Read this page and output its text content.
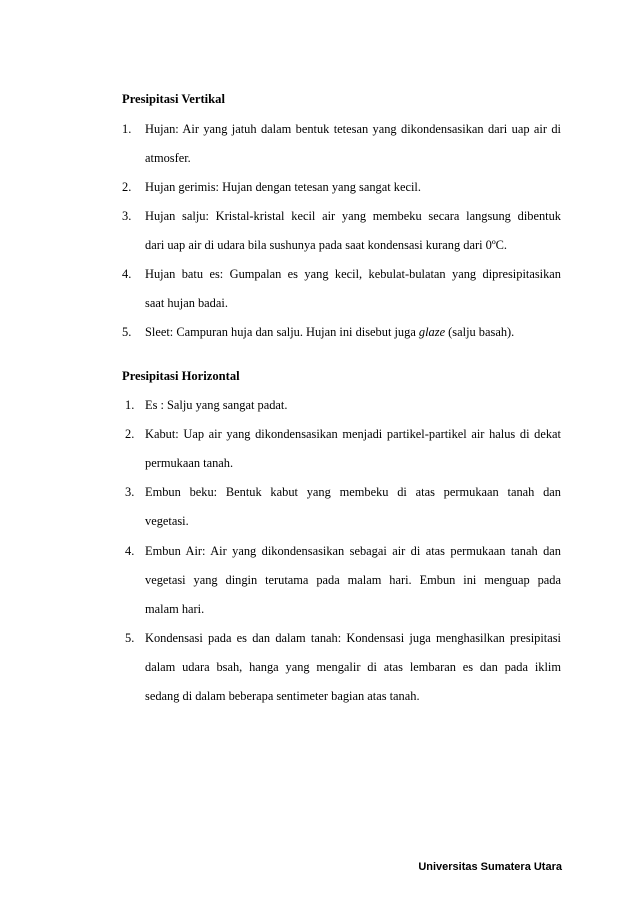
Presipitasi Vertikal
1. Hujan: Air yang jatuh dalam bentuk tetesan yang dikondensasikan dari uap air di
atmosfer.
2. Hujan gerimis: Hujan dengan tetesan yang sangat kecil.
3. Hujan salju: Kristal-kristal kecil air yang membeku secara langsung dibentuk
dari uap air di udara bila sushunya pada saat kondensasi kurang dari 0ºC.
4. Hujan batu es: Gumpalan es yang kecil, kebulat-bulatan yang dipresipitasikan
saat hujan badai.
5. Sleet: Campuran huja dan salju. Hujan ini disebut juga glaze (salju basah).
Presipitasi Horizontal
1. Es : Salju yang sangat padat.
2. Kabut: Uap air yang dikondensasikan menjadi partikel-partikel air halus di dekat
permukaan tanah.
3. Embun beku: Bentuk kabut yang membeku di atas permukaan tanah dan
vegetasi.
4. Embun Air: Air yang dikondensasikan sebagai air di atas permukaan tanah dan
vegetasi yang dingin terutama pada malam hari. Embun ini menguap pada
malam hari.
5. Kondensasi pada es dan dalam tanah: Kondensasi juga menghasilkan presipitasi
dalam udara bsah, hanga yang mengalir di atas lembaran es dan pada iklim
sedang di dalam beberapa sentimeter bagian atas tanah.
Universitas Sumatera Utara
